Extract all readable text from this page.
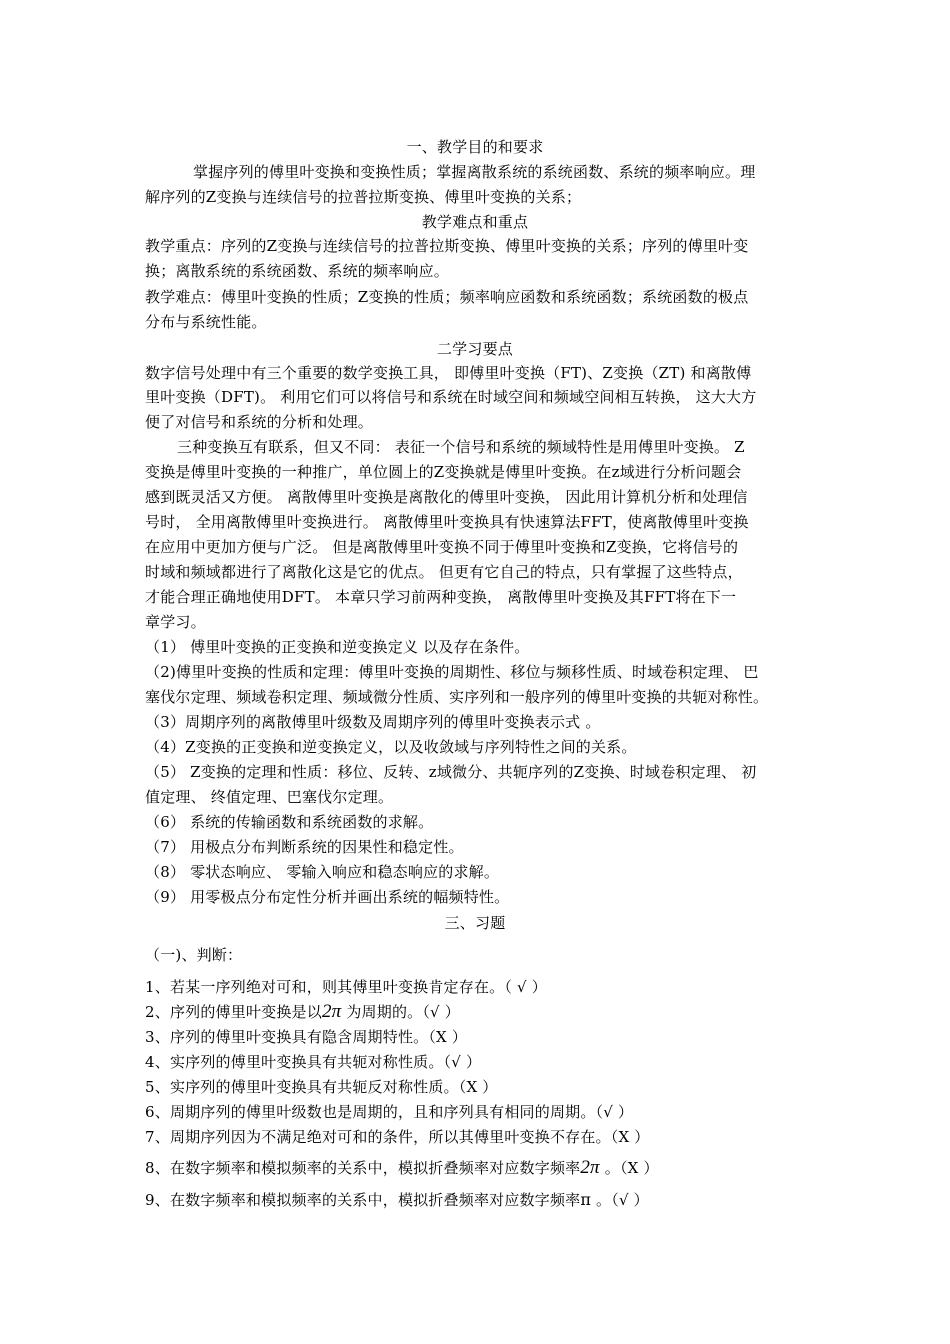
一、教学目的和要求
掌握序列的傅里叶变换和变换性质；掌握离散系统的系统函数、系统的频率响应。理
解序列的Z变换与连续信号的拉普拉斯变换、傅里叶变换的关系；
教学难点和重点
教学重点：序列的Z变换与连续信号的拉普拉斯变换、傅里叶变换的关系；序列的傅里叶变
换；离散系统的系统函数、系统的频率响应。
教学难点：傅里叶变换的性质；Z变换的性质；频率响应函数和系统函数；系统函数的极点
分布与系统性能。
二学习要点
数字信号处理中有三个重要的数学变换工具， 即傅里叶变换（FT)、Z变换（ZT) 和离散傅
里叶变换（DFT)。 利用它们可以将信号和系统在时域空间和频域空间相互转换， 这大大方
便了对信号和系统的分析和处理。
三种变换互有联系，但又不同： 表征一个信号和系统的频域特性是用傅里叶变换。 Z
变换是傅里叶变换的一种推广，单位圆上的Z变换就是傅里叶变换。在z域进行分析问题会
感到既灵活又方便。 离散傅里叶变换是离散化的傅里叶变换， 因此用计算机分析和处理信
号时， 全用离散傅里叶变换进行。 离散傅里叶变换具有快速算法FFT，使离散傅里叶变换
在应用中更加方便与广泛。 但是离散傅里叶变换不同于傅里叶变换和Z变换，它将信号的
时域和频域都进行了离散化这是它的优点。 但更有它自己的特点，只有掌握了这些特点，
才能合理正确地使用DFT。 本章只学习前两种变换， 离散傅里叶变换及其FFT将在下一
章学习。
（1） 傅里叶变换的正变换和逆变换定义 以及存在条件。
（2)傅里叶变换的性质和定理：傅里叶变换的周期性、移位与频移性质、时域卷积定理、 巴
塞伐尔定理、频域卷积定理、频域微分性质、实序列和一般序列的傅里叶变换的共轭对称性。
（3）周期序列的离散傅里叶级数及周期序列的傅里叶变换表示式 。
（4）Z变换的正变换和逆变换定义，以及收敛域与序列特性之间的关系。
（5） Z变换的定理和性质：移位、反转、z域微分、共轭序列的Z变换、时域卷积定理、 初
值定理、 终值定理、巴塞伐尔定理。
（6） 系统的传输函数和系统函数的求解。
（7） 用极点分布判断系统的因果性和稳定性。
（8） 零状态响应、 零输入响应和稳态响应的求解。
（9） 用零极点分布定性分析并画出系统的幅频特性。
三、习题
（一)、判断：
1、若某一序列绝对可和，则其傅里叶变换肯定存在。（ √ ）
2、序列的傅里叶变换是以2π 为周期的。（√ ）
3、序列的傅里叶变换具有隐含周期特性。（X ）
4、实序列的傅里叶变换具有共轭对称性质。（√ ）
5、实序列的傅里叶变换具有共轭反对称性质。（X ）
6、周期序列的傅里叶级数也是周期的，且和序列具有相同的周期。（√ ）
7、周期序列因为不满足绝对可和的条件，所以其傅里叶变换不存在。（X ）
8、在数字频率和模拟频率的关系中，模拟折叠频率对应数字频率2π 。（X ）
9、在数字频率和模拟频率的关系中，模拟折叠频率对应数字频率π 。（√ ）
